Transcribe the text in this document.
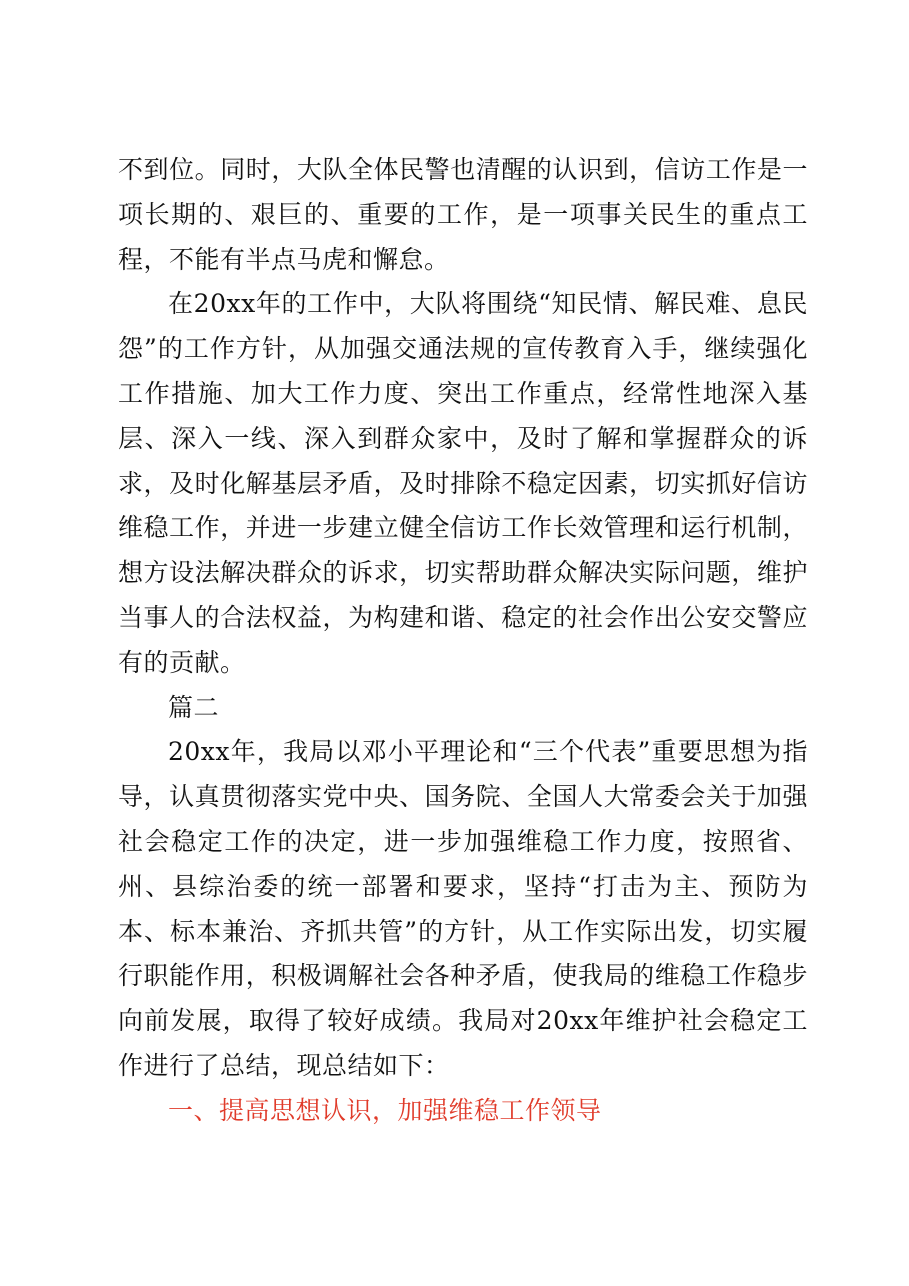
不到位。同时，大队全体民警也清醒的认识到，信访工作是一项长期的、艰巨的、重要的工作，是一项事关民生的重点工程，不能有半点马虎和懈怠。

在20xx年的工作中，大队将围绕“知民情、解民难、息民怨”的工作方针，从加强交通法规的宣传教育入手，继续强化工作措施、加大工作力度、突出工作重点，经常性地深入基层、深入一线、深入到群众家中，及时了解和掌握群众的诉求，及时化解基层矛盾，及时排除不稳定因素，切实抓好信访维稳工作，并进一步建立健全信访工作长效管理和运行机制，想方设法解决群众的诉求，切实帮助群众解决实际问题，维护当事人的合法权益，为构建和谐、稳定的社会作出公安交警应有的贡献。

篇二

20xx年，我局以邓小平理论和“三个代表”重要思想为指导，认真贯彻落实党中央、国务院、全国人大常委会关于加强社会稳定工作的决定，进一步加强维稳工作力度，按照省、州、县综治委的统一部署和要求，坚持“打击为主、预防为本、标本兼治、齐抓共管”的方针，从工作实际出发，切实履行职能作用，积极调解社会各种矛盾，使我局的维稳工作稳步向前发展，取得了较好成绩。我局对20xx年维护社会稳定工作进行了总结，现总结如下：

一、提高思想认识，加强维稳工作领导
